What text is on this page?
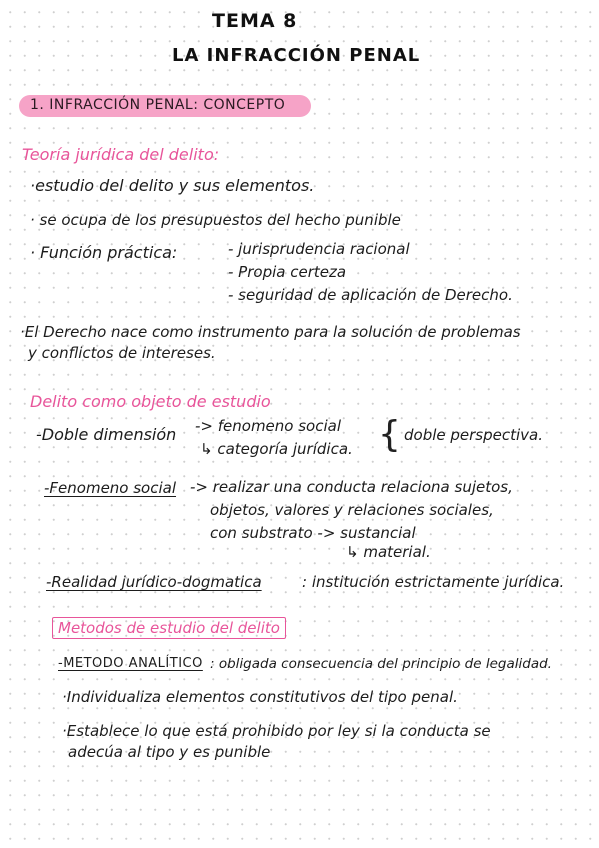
TEMA 8
LA INFRACCIÓN PENAL
1. INFRACCIÓN PENAL: CONCEPTO
Teoría jurídica del delito:
·estudio del delito y sus elementos.
· se ocupa de los presupuestos del hecho punible
· Función práctica:	- jurisprudencia racional
- Propia certeza
- seguridad de aplicación de Derecho.
·El Derecho nace como instrumento para la solución de problemas
y conflictos de intereses.
Delito como objeto de estudio
-Doble dimensión -> fenomeno social
↳ categoría jurídica. { doble perspectiva.
-Fenomeno social -> realizar una conducta relaciona sujetos,
objetos, valores y relaciones sociales,
con substrato -> sustancial
↳ material.
-Realidad jurídico-dogmatica	: institución estrictamente jurídica.
Metodos de estudio del delito
-METODO ANALÍTICO : obligada consecuencia del principio de legalidad.
·Individualiza elementos constitutivos del tipo penal.
·Establece lo que está prohibido por ley si la conducta se
adecúa al tipo y es punible
